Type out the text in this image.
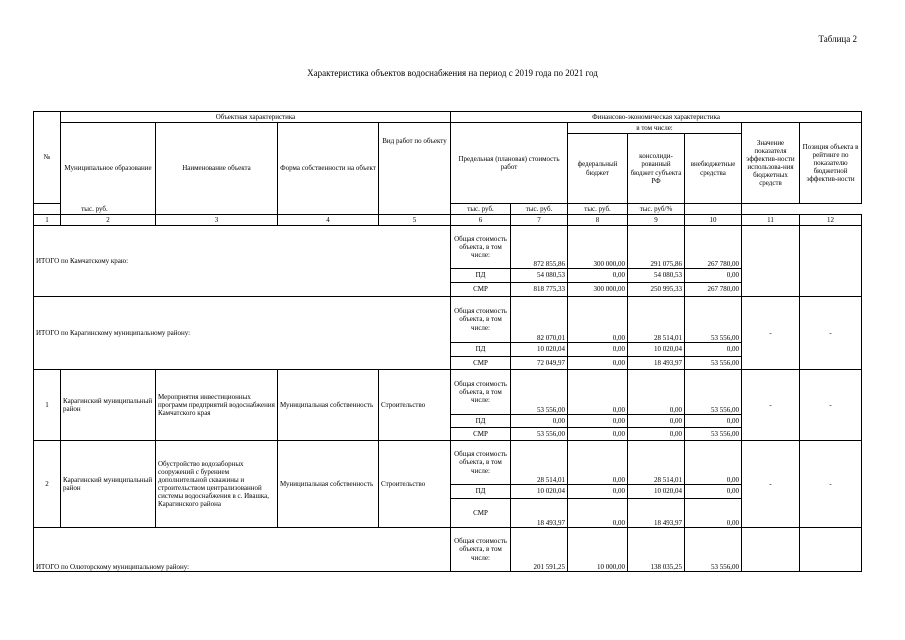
Таблица 2
Характеристика объектов водоснабжения на период с 2019 года по 2021 год
№	Объектная характеристика				Финансово-экономическая характеристика						
	Муниципальное образование	Наименование объекта	Форма собственности на объект	Вид работ по объекту	Предельная (плановая) стоимость работ		в том числе:			Значение показателя эффектив-ности использова-ния бюджетных средств	Позиция объекта в рейтинге по показателю бюджетной эффектив-ности
							федеральный бюджет	консолиди-рованный бюджет субъекта РФ	внебюджетные средства		
тыс. руб.					тыс. руб.	тыс. руб.	тыс. руб.	тыс. руб/%			
1	2	3	4	5	6	7	8	9	10	11	12
ИТОГО по Камчатскому краю:					Общая стоимость объекта, в том числе:	872 855,86	300 000,00	291 075,86	267 780,00		
					ПД	54 080,53	0,00	54 080,53	0,00		
					СМР	818 775,33	300 000,00	250 995,33	267 780,00		
ИТОГО по Карагинскому муниципальному району:					Общая стоимость объекта, в том числе:	82 070,01	0,00	28 514,01	53 556,00	-	-
					ПД	10 020,04	0,00	10 020,04	0,00		
					СМР	72 049,97	0,00	18 493,97	53 556,00		
1	Карагинский муниципальный район	Мероприятия инвестиционных программ предприятий водоснабжения Камчатского края	Муниципальная собственность	Строительство	Общая стоимость объекта, в том числе:	53 556,00	0,00	0,00	53 556,00	-	-
					ПД	0,00	0,00	0,00	0,00		
					СМР	53 556,00	0,00	0,00	53 556,00		
2	Карагинский муниципальный район	Обустройство водозаборных сооружений с бурением дополнительной скважины и строительством централизованной системы водоснабжения в с. Ивашка, Карагинского района	Муниципальная собственность	Строительство	Общая стоимость объекта, в том числе:	28 514,01	0,00	28 514,01	0,00	-	-
					ПД	10 020,04	0,00	10 020,04	0,00		
					СМР	18 493,97	0,00	18 493,97	0,00		
ИТОГО по Олюторскому муниципальному району:					Общая стоимость объекта, в том числе:	201 591,25	10 000,00	138 035,25	53 556,00		
